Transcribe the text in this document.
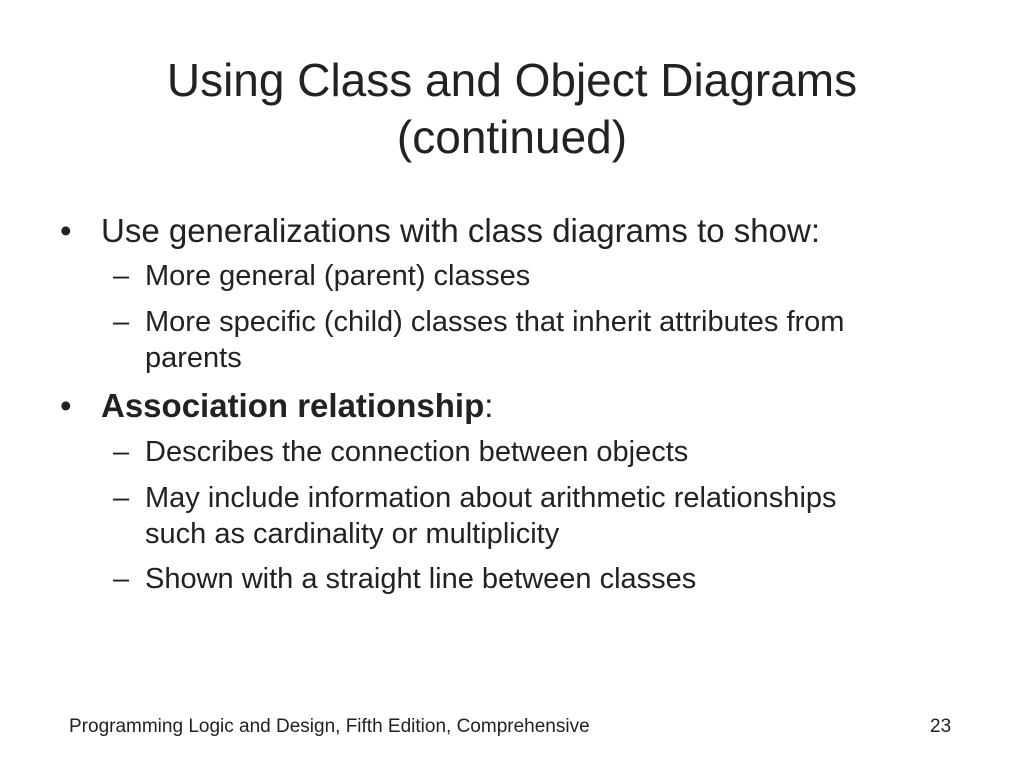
Using Class and Object Diagrams
(continued)
• Use generalizations with class diagrams to show:
– More general (parent) classes
– More specific (child) classes that inherit attributes from
parents
• Association relationship:
– Describes the connection between objects
– May include information about arithmetic relationships
such as cardinality or multiplicity
– Shown with a straight line between classes
Programming Logic and Design, Fifth Edition, Comprehensive	23
